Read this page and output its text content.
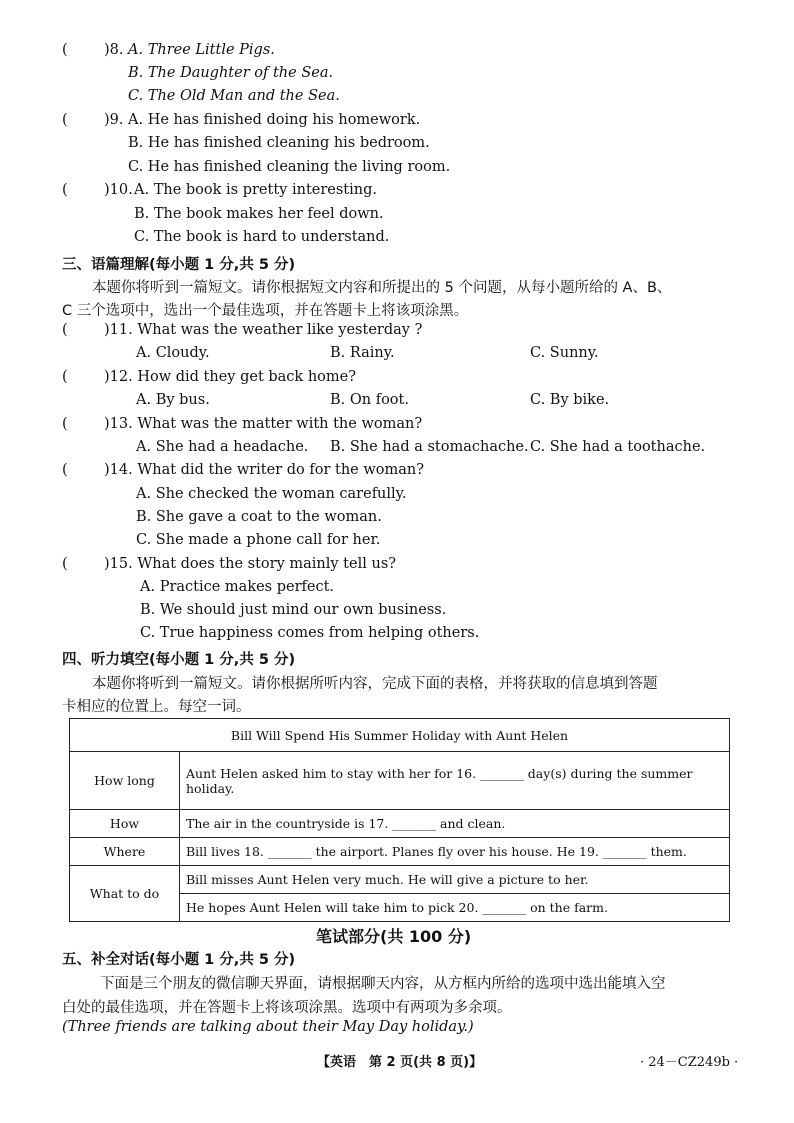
(	)8. A. Three Little Pigs.
B. The Daughter of the Sea.
C. The Old Man and the Sea.
(	)9. A. He has finished doing his homework.
B. He has finished cleaning his bedroom.
C. He has finished cleaning the living room.
(	)10. A. The book is pretty interesting.
B. The book makes her feel down.
C. The book is hard to understand.
三、语篇理解(每小题 1 分,共 5 分)
本题你将听到一篇短文。请你根据短文内容和所提出的 5 个问题，从每小题所给的 A、B、
C 三个选项中，选出一个最佳选项，并在答题卡上将该项涂黑。
(	)11. What was the weather like yesterday ?
A. Cloudy.	B. Rainy.	C. Sunny.
(	)12. How did they get back home?
A. By bus.	B. On foot.	C. By bike.
(	)13. What was the matter with the woman?
A. She had a headache. B. She had a stomachache. C. She had a toothache.
(	)14. What did the writer do for the woman?
A. She checked the woman carefully.
B. She gave a coat to the woman.
C. She made a phone call for her.
(	)15. What does the story mainly tell us?
A. Practice makes perfect.
B. We should just mind our own business.
C. True happiness comes from helping others.
四、听力填空(每小题 1 分,共 5 分)
本题你将听到一篇短文。请你根据所听内容，完成下面的表格，并将获取的信息填到答题
卡相应的位置上。每空一词。
Bill Will Spend His Summer Holiday with Aunt Helen	
How long	Aunt Helen asked him to stay with her for 16. _______ day(s) during the summer holiday.
How	The air in the countryside is 17. _______ and clean.
Where	Bill lives 18. _______ the airport. Planes fly over his house. He 19. _______ them.
What to do	Bill misses Aunt Helen very much. He will give a picture to her.
	He hopes Aunt Helen will take him to pick 20. _______ on the farm.
笔试部分(共 100 分)
五、补全对话(每小题 1 分,共 5 分)
下面是三个朋友的微信聊天界面，请根据聊天内容，从方框内所给的选项中选出能填入空
白处的最佳选项，并在答题卡上将该项涂黑。选项中有两项为多余项。
(Three friends are talking about their May Day holiday.)
【英语　第 2 页(共 8 页)】	· 24－CZ249b ·
